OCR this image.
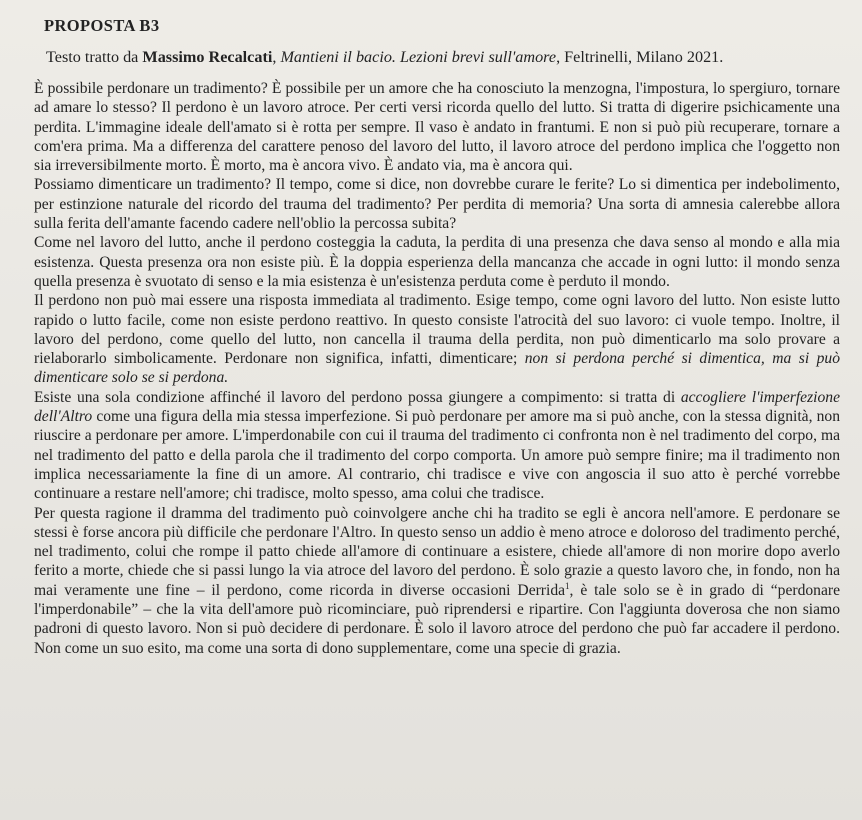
PROPOSTA B3

Testo tratto da Massimo Recalcati, Mantieni il bacio. Lezioni brevi sull'amore, Feltrinelli, Milano 2021.

È possibile perdonare un tradimento? È possibile per un amore che ha conosciuto la menzogna, l'impostura, lo spergiuro, tornare ad amare lo stesso? Il perdono è un lavoro atroce. Per certi versi ricorda quello del lutto. Si tratta di digerire psichicamente una perdita. L'immagine ideale dell'amato si è rotta per sempre. Il vaso è andato in frantumi. E non si può più recuperare, tornare a com'era prima. Ma a differenza del carattere penoso del lavoro del lutto, il lavoro atroce del perdono implica che l'oggetto non sia irreversibilmente morto. È morto, ma è ancora vivo. È andato via, ma è ancora qui.

Possiamo dimenticare un tradimento? Il tempo, come si dice, non dovrebbe curare le ferite? Lo si dimentica per indebolimento, per estinzione naturale del ricordo del trauma del tradimento? Per perdita di memoria? Una sorta di amnesia calerebbe allora sulla ferita dell'amante facendo cadere nell'oblio la percossa subita?

Come nel lavoro del lutto, anche il perdono costeggia la caduta, la perdita di una presenza che dava senso al mondo e alla mia esistenza. Questa presenza ora non esiste più. È la doppia esperienza della mancanza che accade in ogni lutto: il mondo senza quella presenza è svuotato di senso e la mia esistenza è un'esistenza perduta come è perduto il mondo.

Il perdono non può mai essere una risposta immediata al tradimento. Esige tempo, come ogni lavoro del lutto. Non esiste lutto rapido o lutto facile, come non esiste perdono reattivo. In questo consiste l'atrocità del suo lavoro: ci vuole tempo. Inoltre, il lavoro del perdono, come quello del lutto, non cancella il trauma della perdita, non può dimenticarlo ma solo provare a rielaborarlo simbolicamente. Perdonare non significa, infatti, dimenticare; non si perdona perché si dimentica, ma si può dimenticare solo se si perdona.

Esiste una sola condizione affinché il lavoro del perdono possa giungere a compimento: si tratta di accogliere l'imperfezione dell'Altro come una figura della mia stessa imperfezione. Si può perdonare per amore ma si può anche, con la stessa dignità, non riuscire a perdonare per amore. L'imperdonabile con cui il trauma del tradimento ci confronta non è nel tradimento del corpo, ma nel tradimento del patto e della parola che il tradimento del corpo comporta. Un amore può sempre finire; ma il tradimento non implica necessariamente la fine di un amore. Al contrario, chi tradisce e vive con angoscia il suo atto è perché vorrebbe continuare a restare nell'amore; chi tradisce, molto spesso, ama colui che tradisce.

Per questa ragione il dramma del tradimento può coinvolgere anche chi ha tradito se egli è ancora nell'amore. E perdonare se stessi è forse ancora più difficile che perdonare l'Altro. In questo senso un addio è meno atroce e doloroso del tradimento perché, nel tradimento, colui che rompe il patto chiede all'amore di continuare a esistere, chiede all'amore di non morire dopo averlo ferito a morte, chiede che si passi lungo la via atroce del lavoro del perdono. È solo grazie a questo lavoro che, in fondo, non ha mai veramente une fine – il perdono, come ricorda in diverse occasioni Derrida$^1$, è tale solo se è in grado di “perdonare l'imperdonabile” – che la vita dell'amore può ricominciare, può riprendersi e ripartire. Con l'aggiunta doverosa che non siamo padroni di questo lavoro. Non si può decidere di perdonare. È solo il lavoro atroce del perdono che può far accadere il perdono. Non come un suo esito, ma come una sorta di dono supplementare, come una specie di grazia.
